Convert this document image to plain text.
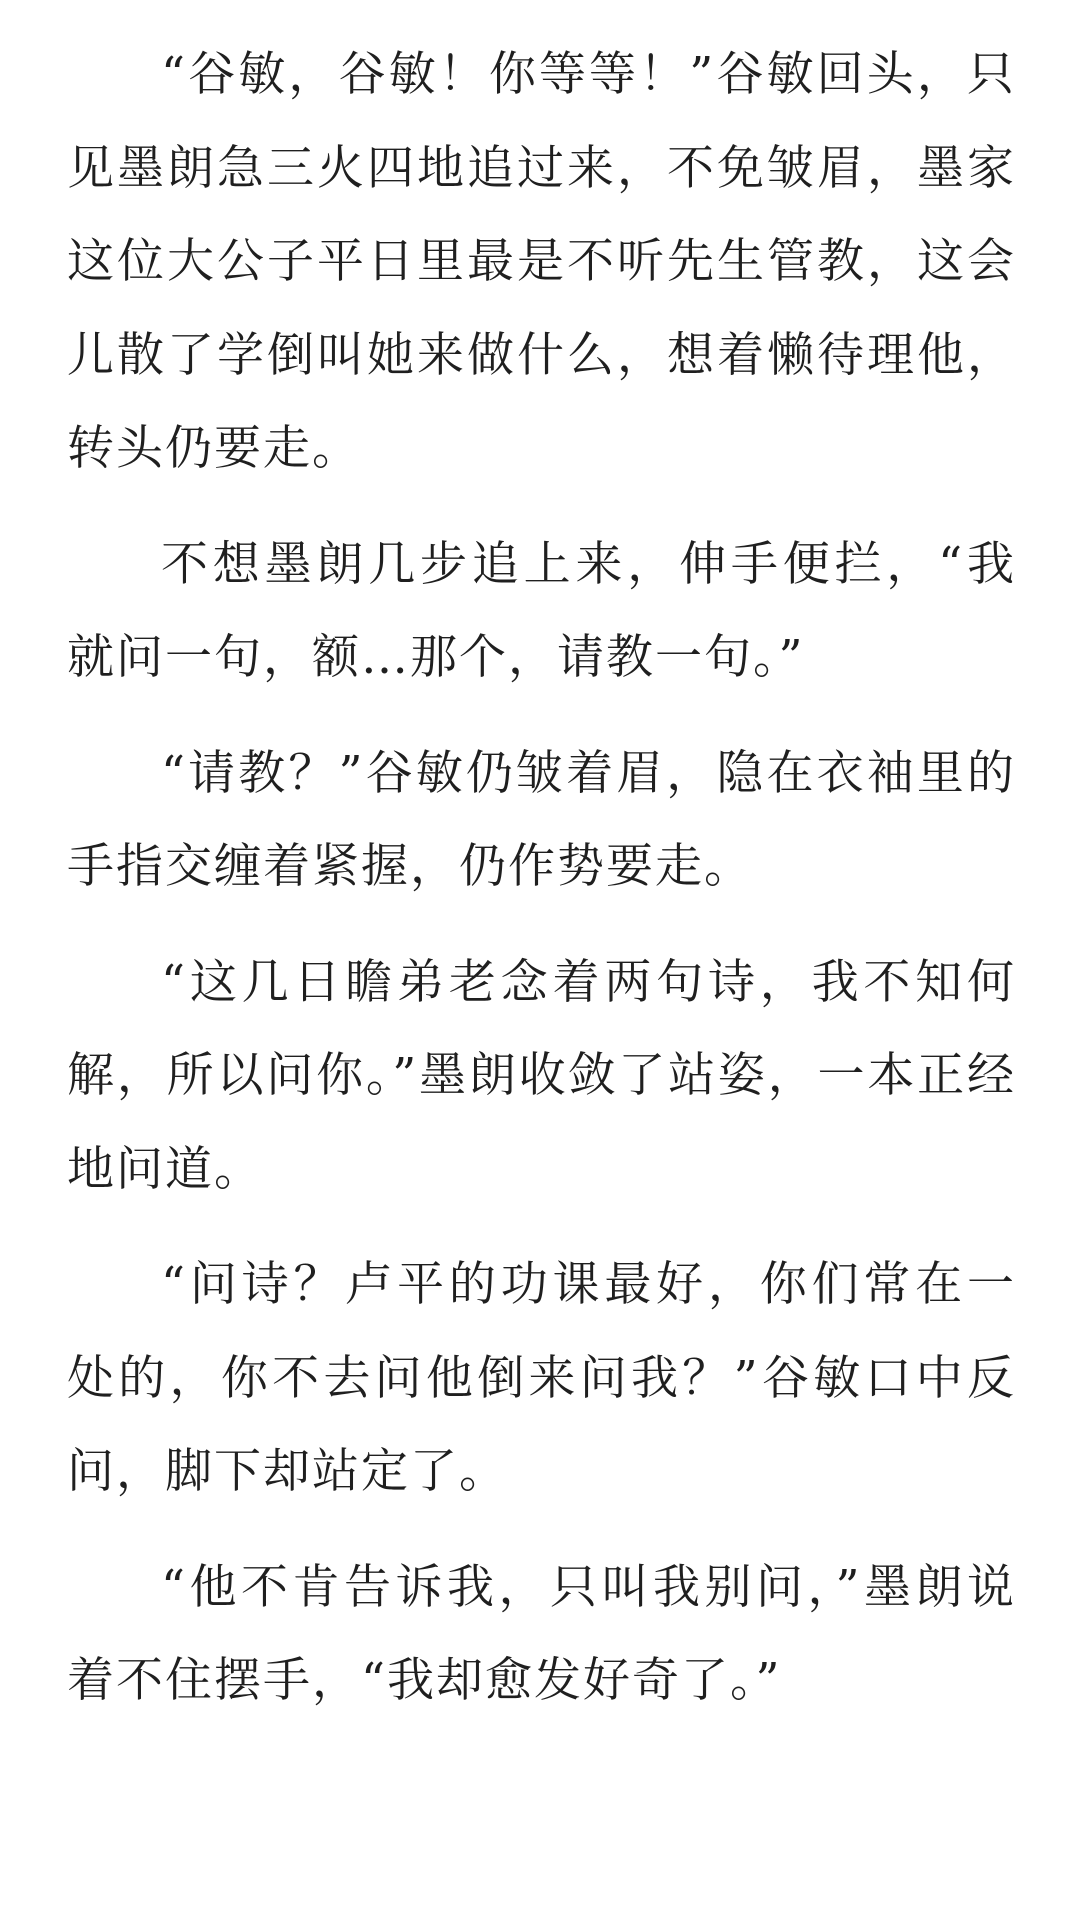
“谷敏，谷敏！你等等！”谷敏回头，只见墨朗急三火四地追过来，不免皱眉，墨家这位大公子平日里最是不听先生管教，这会儿散了学倒叫她来做什么，想着懒待理他，转头仍要走。

不想墨朗几步追上来，伸手便拦，“我就问一句，额…那个，请教一句。”

“请教？”谷敏仍皱着眉，隐在衣袖里的手指交缠着紧握，仍作势要走。

“这几日瞻弟老念着两句诗，我不知何解，所以问你。”墨朗收敛了站姿，一本正经地问道。

“问诗？卢平的功课最好，你们常在一处的，你不去问他倒来问我？”谷敏口中反问，脚下却站定了。

“他不肯告诉我，只叫我别问，”墨朗说着不住摆手，“我却愈发好奇了。”
